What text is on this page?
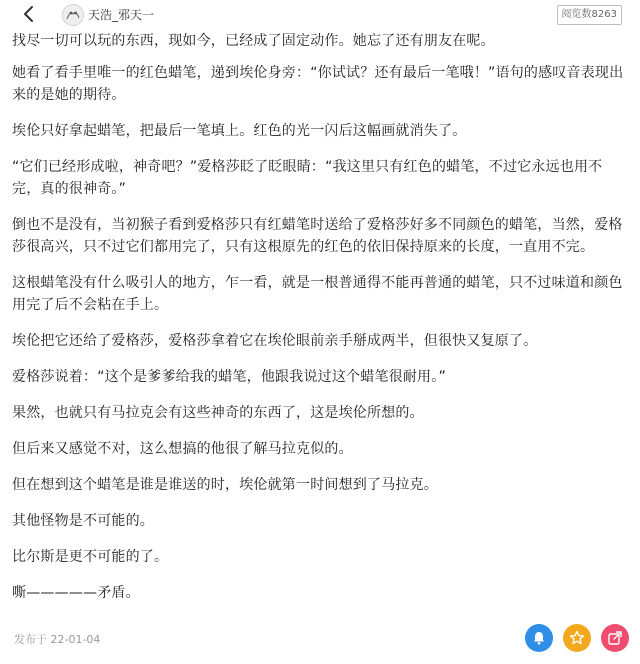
找尽一切可以玩的东西，现如今，已经成了固定动作。她忘了还有朋友在呢。

天浩_邪天一	阅览数8263

她看了看手里唯一的红色蜡笔，递到埃伦身旁：“你试试？还有最后一笔哦！”语句的感叹音表现出来的是她的期待。

埃伦只好拿起蜡笔，把最后一笔填上。红色的光一闪后这幅画就消失了。

“它们已经形成啦，神奇吧？”爱格莎眨了眨眼睛：“我这里只有红色的蜡笔，不过它永远也用不完，真的很神奇。”

倒也不是没有，当初猴子看到爱格莎只有红蜡笔时送给了爱格莎好多不同颜色的蜡笔，当然，爱格莎很高兴，只不过它们都用完了，只有这根原先的红色的依旧保持原来的长度，一直用不完。

这根蜡笔没有什么吸引人的地方，乍一看，就是一根普通得不能再普通的蜡笔，只不过味道和颜色用完了后不会粘在手上。

埃伦把它还给了爱格莎，爱格莎拿着它在埃伦眼前亲手掰成两半，但很快又复原了。

爱格莎说着：“这个是爹爹给我的蜡笔，他跟我说过这个蜡笔很耐用。”

果然，也就只有马拉克会有这些神奇的东西了，这是埃伦所想的。

但后来又感觉不对，这么想搞的他很了解马拉克似的。

但在想到这个蜡笔是谁是谁送的时，埃伦就第一时间想到了马拉克。

其他怪物是不可能的。

比尔斯是更不可能的了。

嘶—————矛盾。

发布于 22-01-04
